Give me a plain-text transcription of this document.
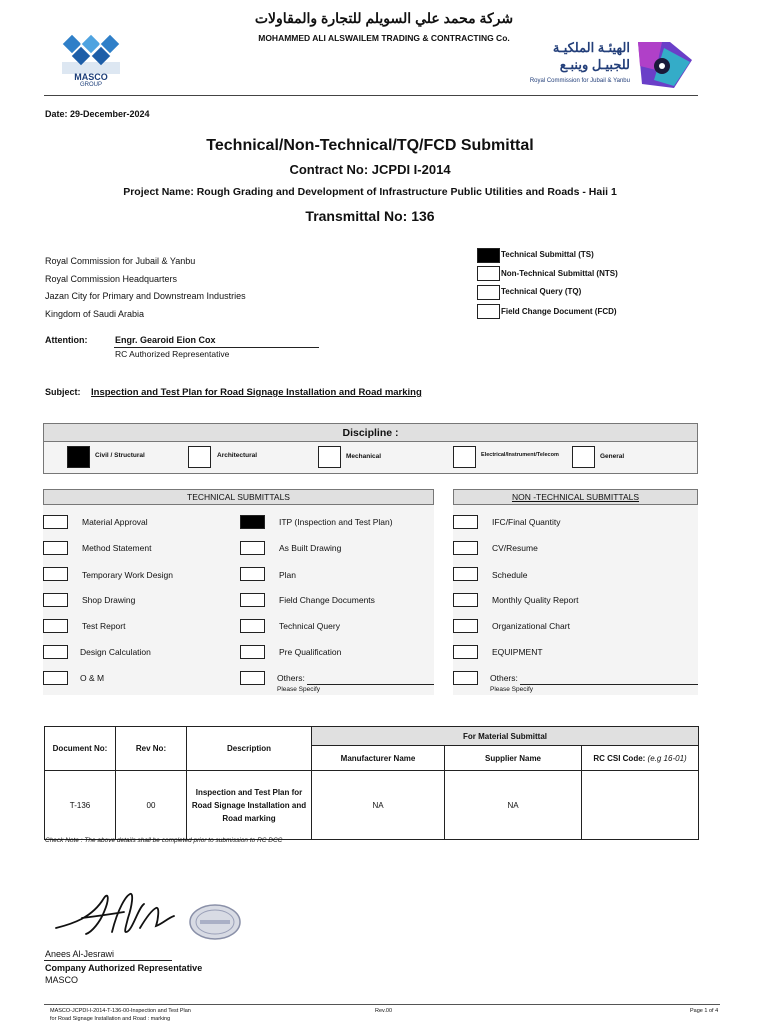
شركة محمد علي السويلم للتجارة والمقاولات
MOHAMMED ALI ALSWAILEM TRADING & CONTRACTING Co.
MASCO
GROUP
الهيئـة الملكيـة
للجبيـل وينبـع
Royal Commission for Jubail & Yanbu
Date: 29-December-2024
Technical/Non-Technical/TQ/FCD Submittal
Contract No: JCPDI I-2014
Project Name: Rough Grading and Development of Infrastructure Public Utilities and Roads - Haii 1
Transmittal No: 136
Royal Commission for Jubail & Yanbu
Royal Commission Headquarters
Jazan City for Primary and Downstream Industries
Kingdom of Saudi Arabia
Technical Submittal (TS)
Non-Technical Submittal (NTS)
Technical Query (TQ)
Field Change Document (FCD)
Attention:	Engr. Gearoid Eion Cox
RC Authorized Representative
Subject: Inspection and Test Plan for Road Signage Installation and Road marking
Discipline :
Civil / Structural	Architectural	Mechanical	Electrical/Instrument/Telecom	General
TECHNICAL SUBMITTALS
Material Approval
Method Statement
Temporary Work Design
Shop Drawing
Test Report
Design Calculation
O & M
ITP (Inspection and Test Plan)
As Built Drawing
Plan
Field Change Documents
Technical Query
Pre Qualification
Others:
Please Specify
NON -TECHNICAL SUBMITTALS
IFC/Final Quantity
CV/Resume
Schedule
Monthly Quality Report
Organizational Chart
EQUIPMENT
Others:
Please Specify
Document No:	Rev No:	Description	For Material Submittal		
			Manufacturer Name	Supplier Name	RC CSI Code: (e.g 16-01)
T-136	00	Inspection and Test Plan for Road Signage Installation and Road marking	NA	NA	
Check Note : The above details shall be completed prior to submission to RC DCC
Anees Al-Jesrawi
Company Authorized Representative
MASCO
MASCO-JCPDI-I-2014-T-136-00-Inspection and Test Plan
for Road Signage Installation and Road : marking
Rev.00	Page 1 of 4
